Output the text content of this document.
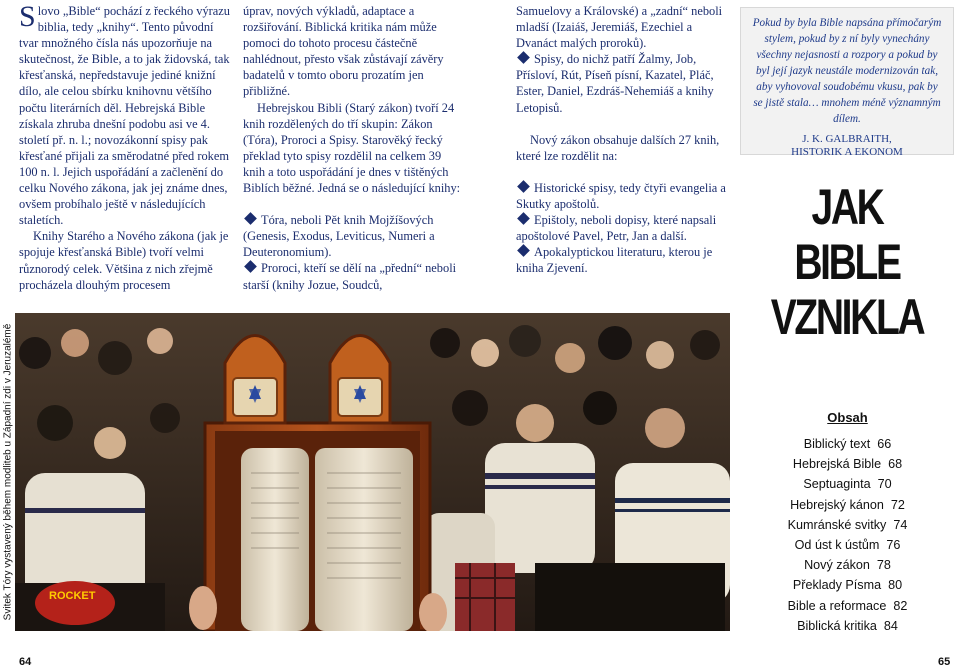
Slovo „Bible“ pochází z řeckého výrazu biblia, tedy „knihy“. Tento původní tvar množného čísla nás upozorňuje na skutečnost, že Bible, a to jak židovská, tak křesťanská, nepředstavuje jediné knižní dílo, ale celou sbírku knihovnu většího počtu literárních děl. Hebrejská Bible získala zhruba dnešní podobu asi ve 4. století př. n. l.; novozákonní spisy pak křesťané přijali za směrodatné před rokem 100 n. l. Jejich uspořádání a začlenění do celku Nového zákona, jak jej známe dnes, ovšem probíhalo ještě v následujících staletích.

Knihy Starého a Nového zákona (jak je spojuje křesťanská Bible) tvoří velmi různorodý celek. Většina z nich zřejmě procházela dlouhým procesem

úprav, nových výkladů, adaptace a rozšiřování. Biblická kritika nám může pomoci do tohoto procesu částečně nahlédnout, přesto však zůstávají závěry badatelů v tomto oboru prozatím jen přibližné.

Hebrejskou Bibli (Starý zákon) tvoří 24 knih rozdělených do tří skupin: Zákon (Tóra), Proroci a Spisy. Starověký řecký překlad tyto spisy rozdělil na celkem 39 knih a toto uspořádání je dnes v tištěných Biblích běžné. Jedná se o následující knihy:

Tóra, neboli Pět knih Mojžíšových (Genesis, Exodus, Leviticus, Numeri a Deuteronomium).

Proroci, kteří se dělí na „přední“ neboli starší (knihy Jozue, Soudců,

Samuelovy a Královské) a „zadní“ neboli mladší (Izaiáš, Jeremiáš, Ezechiel a Dvanáct malých proroků).

Spisy, do nichž patří Žalmy, Job, Přísloví, Rút, Píseň písní, Kazatel, Pláč, Ester, Daniel, Ezdráš-Nehemiáš a knihy Letopisů.

Nový zákon obsahuje dalších 27 knih, které lze rozdělit na:

Historické spisy, tedy čtyři evangelia a Skutky apoštolů.

Epištoly, neboli dopisy, které napsali apoštolové Pavel, Petr, Jan a další.

Apokalyptickou literaturu, kterou je kniha Zjevení.

Pokud by byla Bible napsána přímočarým stylem, pokud by z ní byly vynechány všechny nejasnosti a rozpory a pokud by byl její jazyk neustále modernizován tak, aby vyhovoval soudobému vkusu, pak by se jistě stala… mnohem méně významným dílem.
J. K. GALBRAITH,
HISTORIK A EKONOM
JAK
BIBLE
VZNIKLA
Obsah
Biblický text 66
Hebrejská Bible 68
Septuaginta 70
Hebrejský kánon 72
Kumránské svitky 74
Od úst k ústům 76
Nový zákon 78
Překlady Písma 80
Bible a reformace 82
Biblická kritika 84
Svitek Tóry vystavený během modliteb u Západní zdi v Jeruzalémě	ROCKET
64	65
